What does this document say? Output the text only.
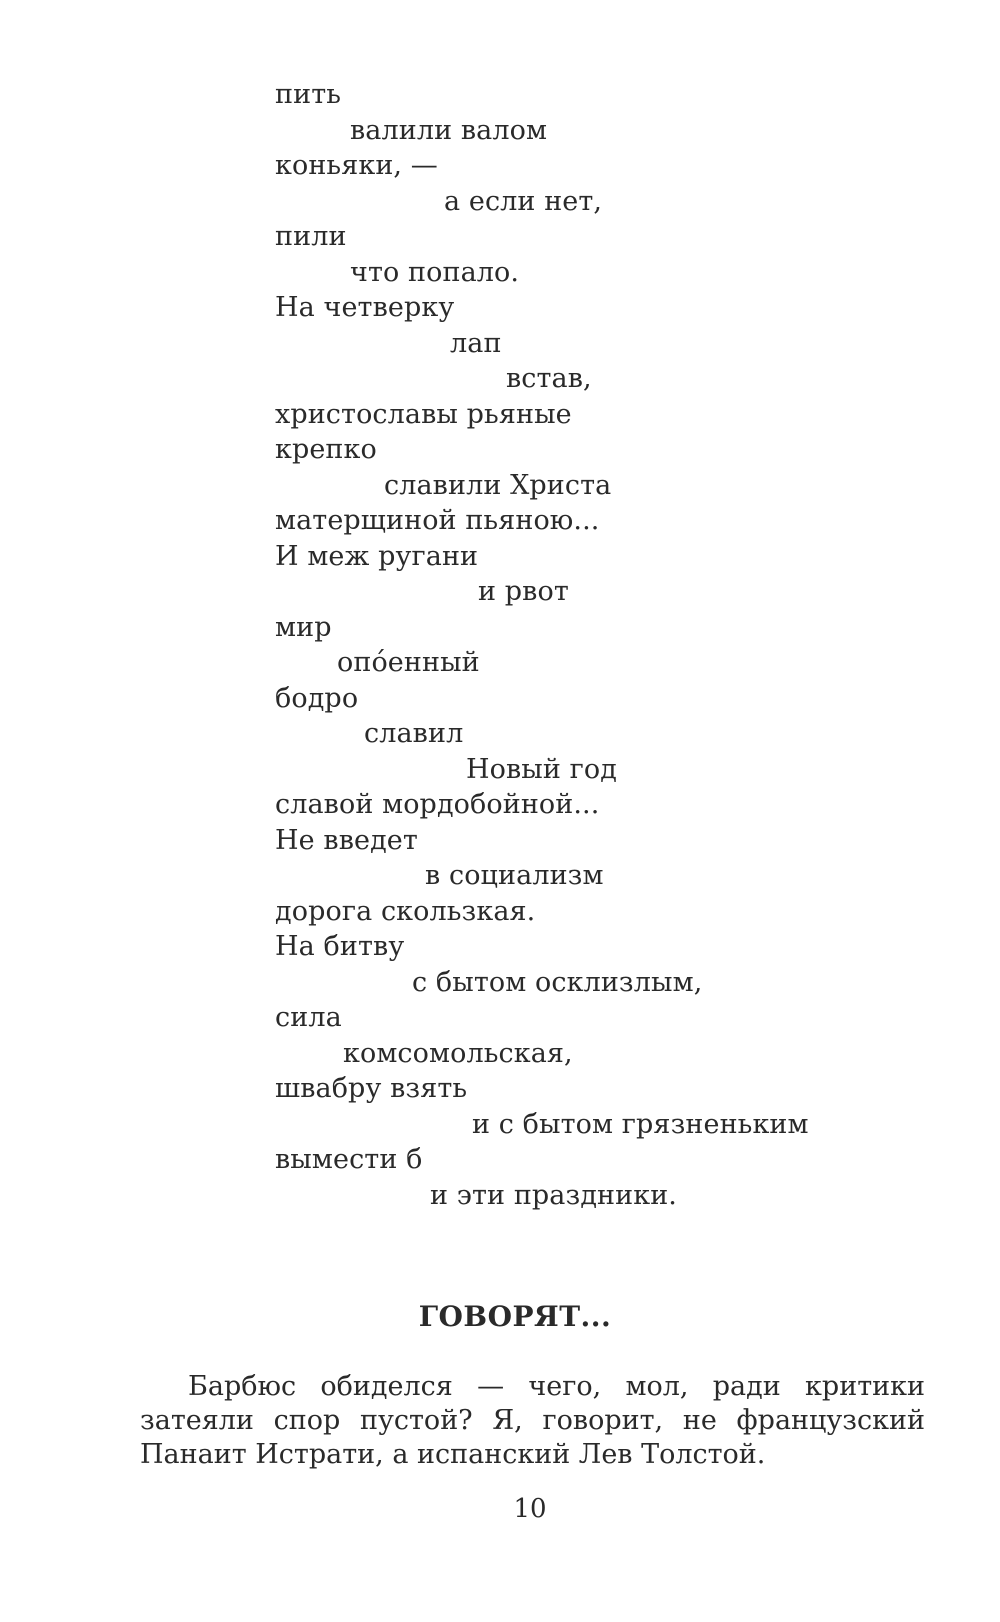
пить
валили валом
коньяки, —
а если нет,
пили
что попало.
На четверку
лап
встав,
христославы рьяные
крепко
славили Христа
матерщиной пьяною...
И меж ругани
и рвот
мир
опо́енный
бодро
славил
Новый год
славой мордобойной...
Не введет
в социализм
дорога скользкая.
На битву
с бытом осклизлым,
сила
комсомольская,
швабру взять
и с бытом грязненьким
вымести б
и эти праздники.
ГОВОРЯТ...

Барбюс обиделся — чего, мол, ради критики затеяли спор пустой? Я, говорит, не французский Панаит Истрати, а испанский Лев Толстой.

10
